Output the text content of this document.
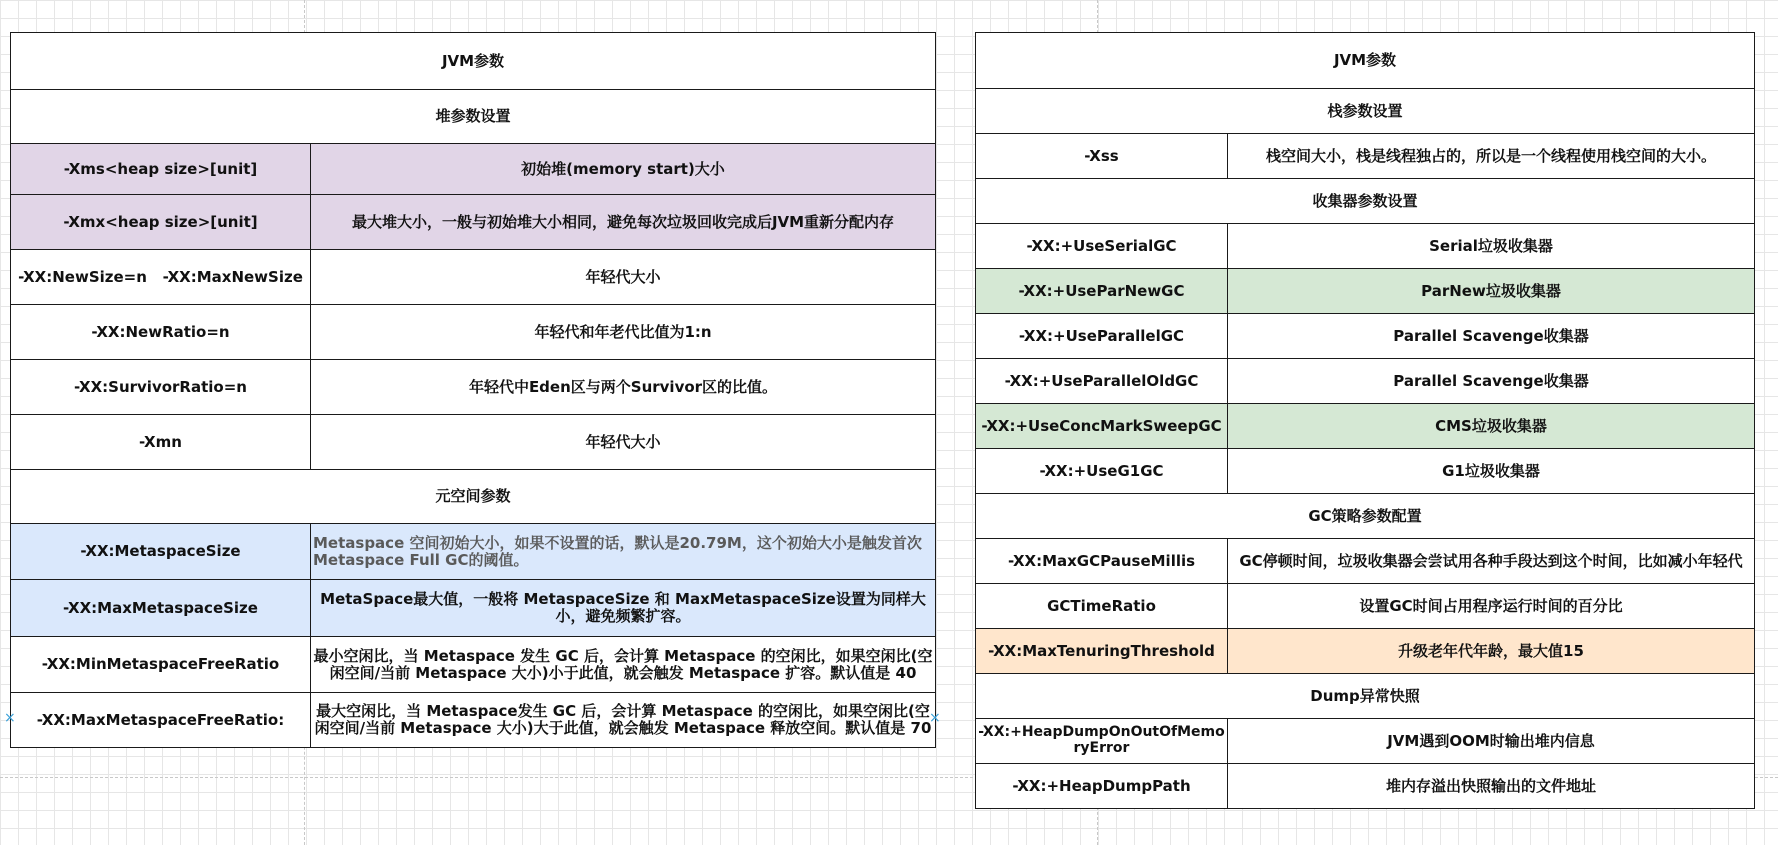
JVM参数	
堆参数设置	
-Xms<heap size>[unit]	初始堆(memory start)大小
-Xmx<heap size>[unit]	最大堆大小，一般与初始堆大小相同，避免每次垃圾回收完成后JVM重新分配内存
-XX:NewSize=n   -XX:MaxNewSize	年轻代大小
-XX:NewRatio=n	年轻代和年老代比值为1:n
-XX:SurvivorRatio=n	年轻代中Eden区与两个Survivor区的比值。
-Xmn	年轻代大小
元空间参数	
-XX:MetaspaceSize	Metaspace 空间初始大小，如果不设置的话，默认是20.79M，这个初始大小是触发首次 Metaspace Full GC的阈值。
-XX:MaxMetaspaceSize	MetaSpace最大值，一般将 MetaspaceSize 和 MaxMetaspaceSize设置为同样大小，避免频繁扩容。
-XX:MinMetaspaceFreeRatio	最小空闲比，当 Metaspace 发生 GC 后，会计算 Metaspace 的空闲比，如果空闲比(空闲空间/当前 Metaspace 大小)小于此值，就会触发 Metaspace 扩容。默认值是 40
-XX:MaxMetaspaceFreeRatio:	最大空闲比，当 Metaspace发生 GC 后，会计算 Metaspace 的空闲比，如果空闲比(空闲空间/当前 Metaspace 大小)大于此值，就会触发 Metaspace 释放空间。默认值是 70
×	×
JVM参数	
栈参数设置	
-Xss	栈空间大小，栈是线程独占的，所以是一个线程使用栈空间的大小。
收集器参数设置	
-XX:+UseSerialGC	Serial垃圾收集器
-XX:+UseParNewGC	ParNew垃圾收集器
-XX:+UseParallelGC	Parallel Scavenge收集器
-XX:+UseParallelOldGC	Parallel Scavenge收集器
-XX:+UseConcMarkSweepGC	CMS垃圾收集器
-XX:+UseG1GC	G1垃圾收集器
GC策略参数配置	
-XX:MaxGCPauseMillis	GC停顿时间，垃圾收集器会尝试用各种手段达到这个时间，比如减小年轻代
GCTimeRatio	设置GC时间占用程序运行时间的百分比
-XX:MaxTenuringThreshold	升级老年代年龄，最大值15
Dump异常快照	
-XX:+HeapDumpOnOutOfMemoryError	JVM遇到OOM时输出堆内信息
-XX:+HeapDumpPath	堆内存溢出快照输出的文件地址
